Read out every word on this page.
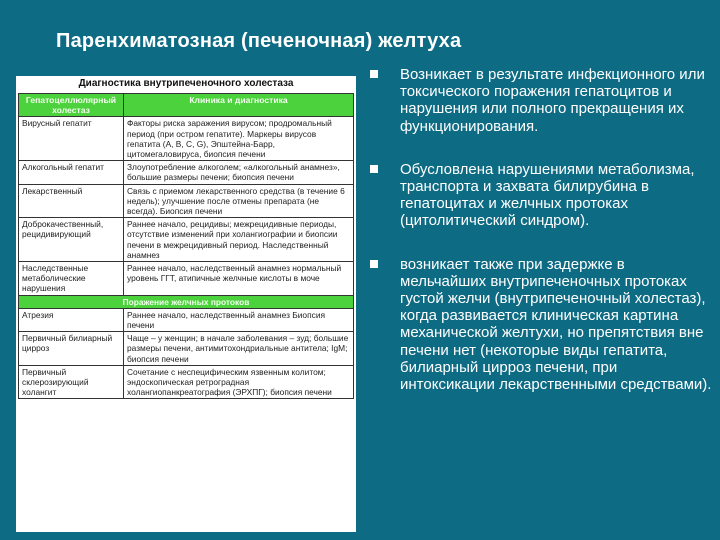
Паренхиматозная (печеночная) желтуха
Диагностика внутрипеченочного холестаза
Гепатоцеллюлярный холестаз	Клиника и диагностика
Вирусный гепатит	Факторы риска заражения вирусом; продромальный период (при остром гепатите). Маркеры вирусов гепатита (А, В, С, G), Эпштейна-Барр, цитомегаловируса, биопсия печени
Алкогольный гепатит	Злоупотребление алкоголем; «алкогольный анамнез», большие размеры печени; биопсия печени
Лекарственный	Связь с приемом лекарственного средства (в течение 6 недель); улучшение после отмены препарата (не всегда). Биопсия печени
Доброкачественный, рецидивирующий	Раннее начало, рецидивы; межрецидивные периоды, отсутствие изменений при холангиографии и биопсии печени в межрецидивный период. Наследственный анамнез
Наследственные метаболические нарушения	Раннее начало, наследственный анамнез нормальный уровень ГГТ, атипичные желчные кислоты в моче
Поражение желчных протоков	
Атрезия	Раннее начало, наследственный анамнез Биопсия печени
Первичный билиарный цирроз	Чаще – у женщин; в начале заболевания – зуд; большие размеры печени, антимитохондриальные антитела; IgM; биопсия печени
Первичный склерозирующий холангит	Сочетание с неспецифическим язвенным колитом; эндоскопическая ретроградная холангиопанкреатография (ЭРХПГ); биопсия печени
Возникает в результате инфекционного или токсического поражения гепатоцитов и нарушения или полного прекращения их функционирования.
Обусловлена нарушениями метаболизма, транспорта и захвата билирубина в гепатоцитах и желчных протоках (цитолитический синдром).
возникает также при задержке в мельчайших внутрипеченочных протоках густой желчи (внутрипеченочный холестаз), когда развивается клиническая картина механической желтухи, но препятствия вне печени нет (некоторые виды гепатита, билиарный цирроз печени, при интоксикации лекарственными средствами).
